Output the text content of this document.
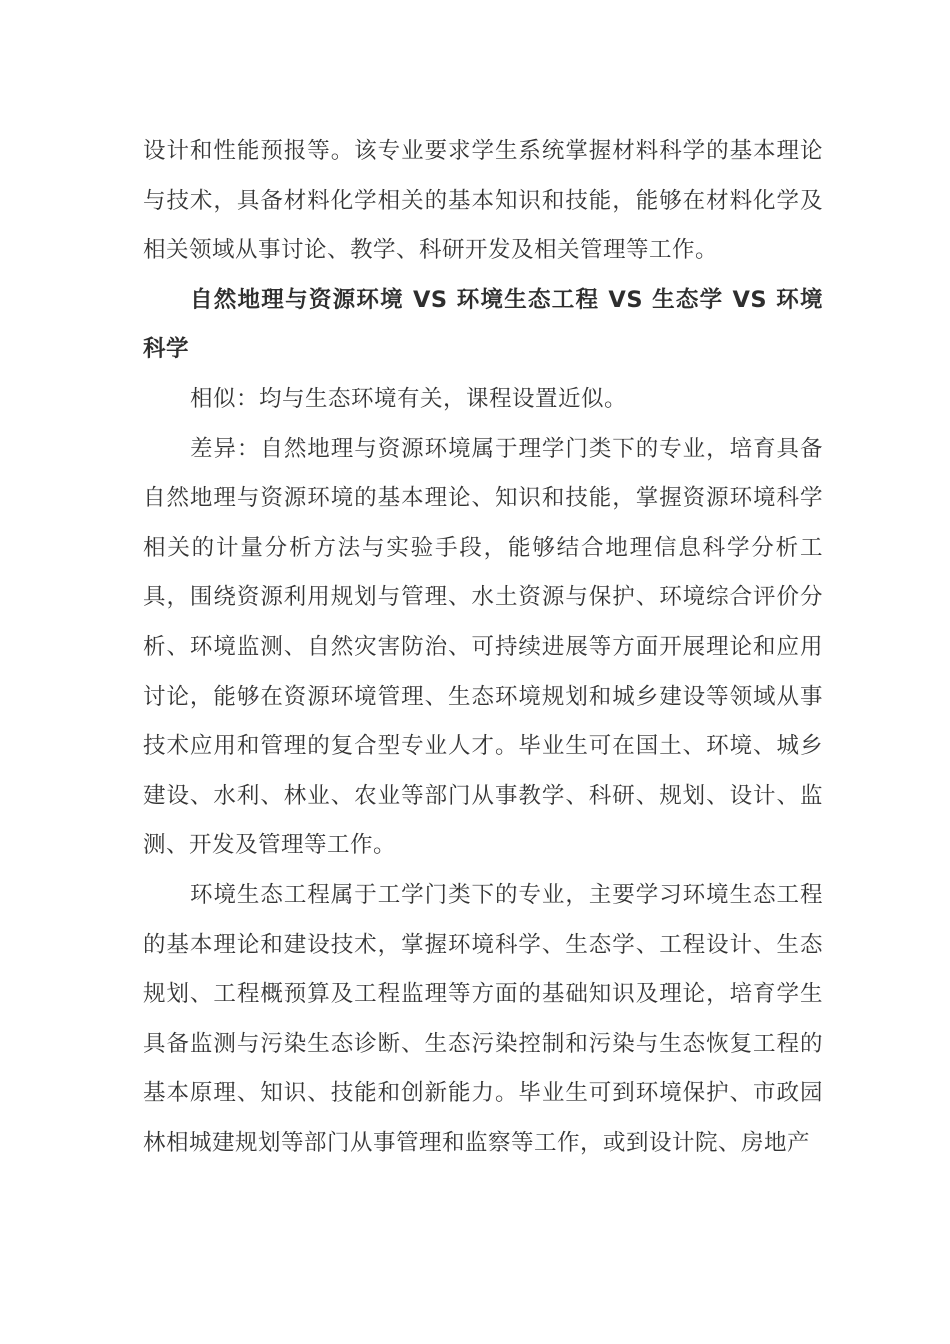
设计和性能预报等。该专业要求学生系统掌握材料科学的基本理论与技术，具备材料化学相关的基本知识和技能，能够在材料化学及相关领域从事讨论、教学、科研开发及相关管理等工作。

自然地理与资源环境 VS 环境生态工程 VS 生态学 VS 环境科学

相似：均与生态环境有关，课程设置近似。

差异：自然地理与资源环境属于理学门类下的专业，培育具备自然地理与资源环境的基本理论、知识和技能，掌握资源环境科学相关的计量分析方法与实验手段，能够结合地理信息科学分析工具，围绕资源利用规划与管理、水土资源与保护、环境综合评价分析、环境监测、自然灾害防治、可持续进展等方面开展理论和应用讨论，能够在资源环境管理、生态环境规划和城乡建设等领域从事技术应用和管理的复合型专业人才。毕业生可在国土、环境、城乡建设、水利、林业、农业等部门从事教学、科研、规划、设计、监测、开发及管理等工作。

环境生态工程属于工学门类下的专业，主要学习环境生态工程的基本理论和建设技术，掌握环境科学、生态学、工程设计、生态规划、工程概预算及工程监理等方面的基础知识及理论，培育学生具备监测与污染生态诊断、生态污染控制和污染与生态恢复工程的基本原理、知识、技能和创新能力。毕业生可到环境保护、市政园林相城建规划等部门从事管理和监察等工作，或到设计院、房地产
